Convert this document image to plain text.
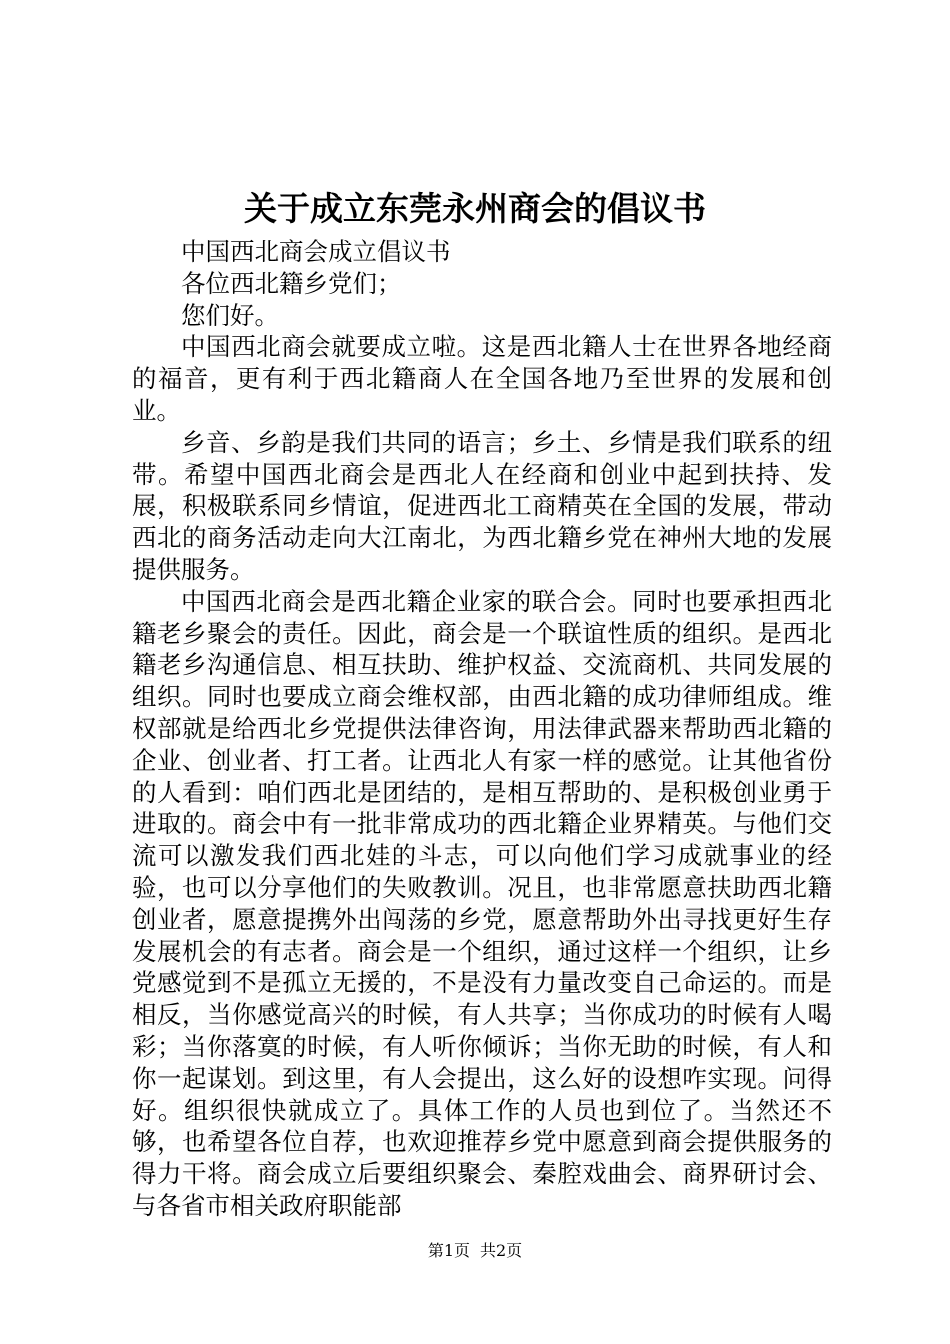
关于成立东莞永州商会的倡议书

中国西北商会成立倡议书

各位西北籍乡党们；

您们好。

中国西北商会就要成立啦。这是西北籍人士在世界各地经商的福音，更有利于西北籍商人在全国各地乃至世界的发展和创业。

乡音、乡韵是我们共同的语言；乡土、乡情是我们联系的纽带。希望中国西北商会是西北人在经商和创业中起到扶持、发展，积极联系同乡情谊，促进西北工商精英在全国的发展，带动西北的商务活动走向大江南北，为西北籍乡党在神州大地的发展提供服务。

中国西北商会是西北籍企业家的联合会。同时也要承担西北籍老乡聚会的责任。因此，商会是一个联谊性质的组织。是西北籍老乡沟通信息、相互扶助、维护权益、交流商机、共同发展的组织。同时也要成立商会维权部，由西北籍的成功律师组成。维权部就是给西北乡党提供法律咨询，用法律武器来帮助西北籍的企业、创业者、打工者。让西北人有家一样的感觉。让其他省份的人看到：咱们西北是团结的，是相互帮助的、是积极创业勇于进取的。商会中有一批非常成功的西北籍企业界精英。与他们交流可以激发我们西北娃的斗志，可以向他们学习成就事业的经验，也可以分享他们的失败教训。况且，也非常愿意扶助西北籍创业者，愿意提携外出闯荡的乡党，愿意帮助外出寻找更好生存发展机会的有志者。商会是一个组织，通过这样一个组织，让乡党感觉到不是孤立无援的，不是没有力量改变自己命运的。而是相反，当你感觉高兴的时候，有人共享；当你成功的时候有人喝彩；当你落寞的时候，有人听你倾诉；当你无助的时候，有人和你一起谋划。到这里，有人会提出，这么好的设想咋实现。问得好。组织很快就成立了。具体工作的人员也到位了。当然还不够，也希望各位自荐，也欢迎推荐乡党中愿意到商会提供服务的得力干将。商会成立后要组织聚会、秦腔戏曲会、商界研讨会、与各省市相关政府职能部

第1页 共2页
